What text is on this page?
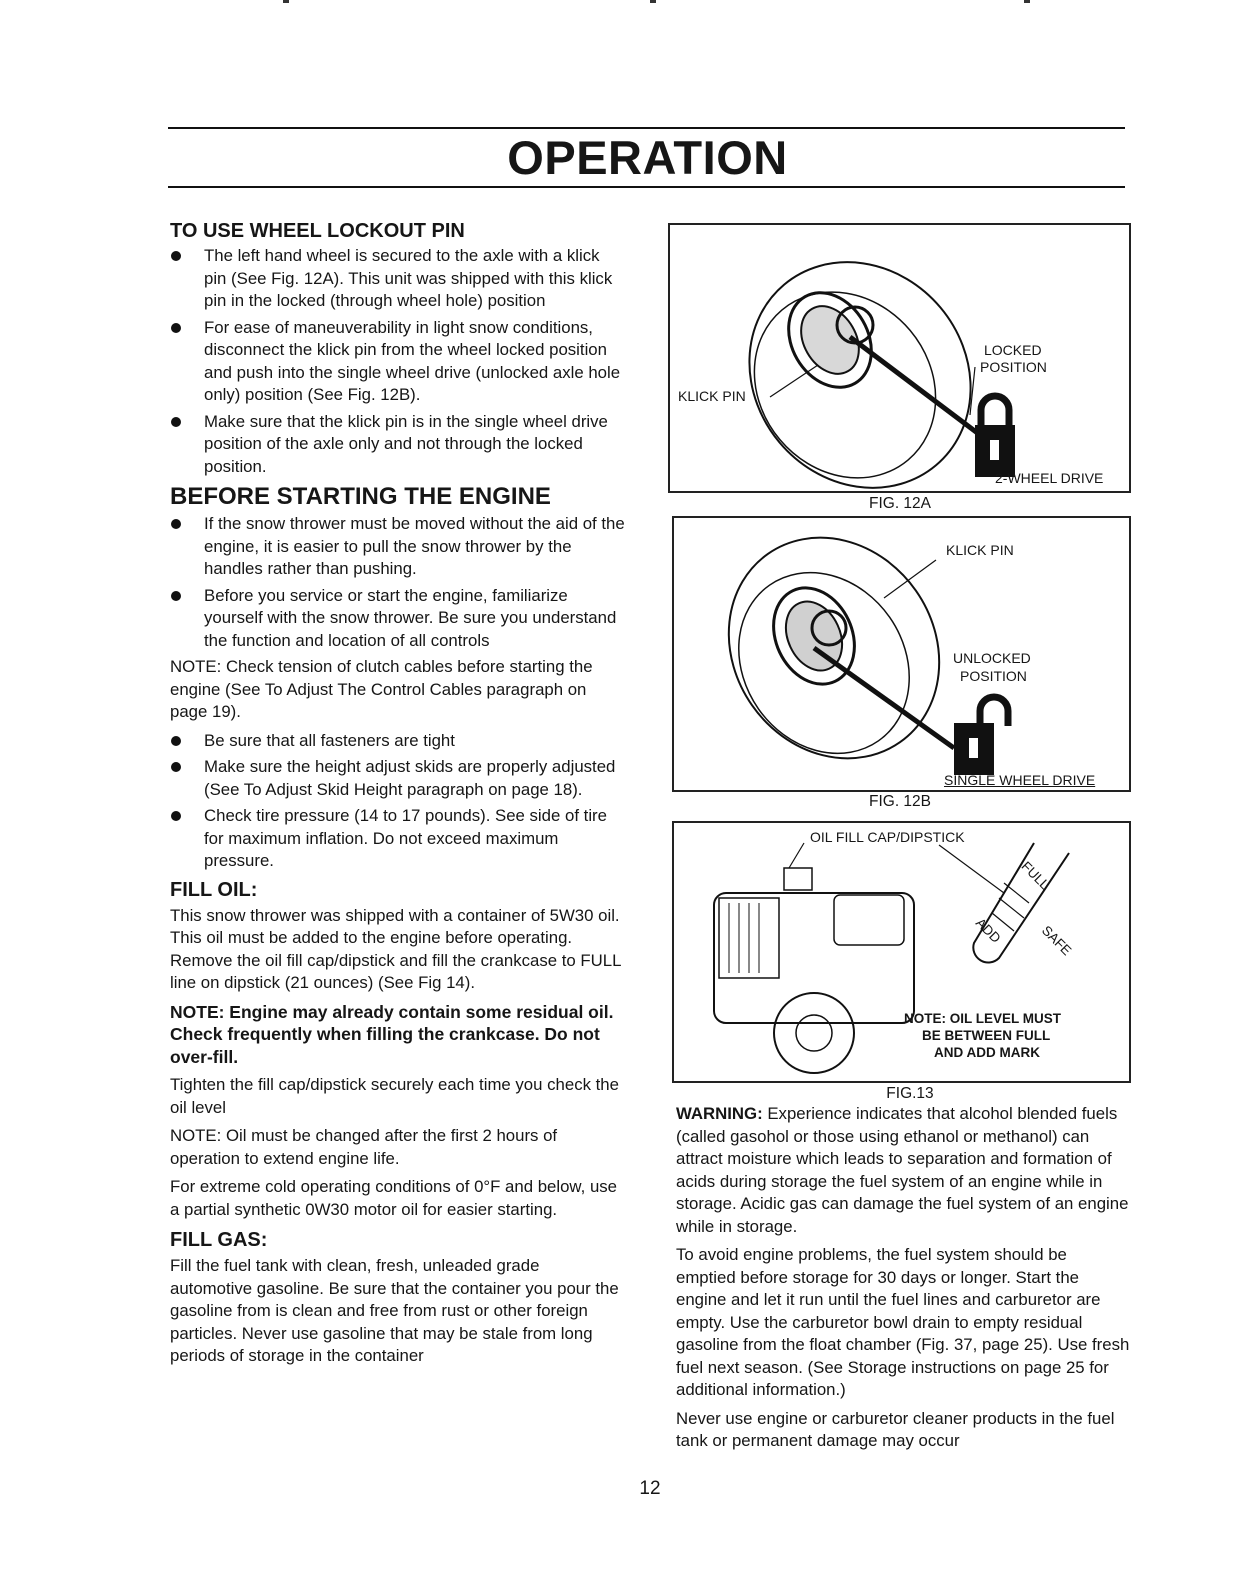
OPERATION
TO USE WHEEL LOCKOUT PIN
The left hand wheel is secured to the axle with a klick pin (See Fig. 12A). This unit was shipped with this klick pin in the locked (through wheel hole) position
For ease of maneuverability in light snow conditions, disconnect the klick pin from the wheel locked position and push into the single wheel drive (unlocked axle hole only) position (See Fig. 12B).
Make sure that the klick pin is in the single wheel drive position of the axle only and not through the locked position.
BEFORE STARTING THE ENGINE
If the snow thrower must be moved without the aid of the engine, it is easier to pull the snow thrower by the handles rather than pushing.
Before you service or start the engine, familiarize yourself with the snow thrower. Be sure you understand the function and location of all controls

NOTE: Check tension of clutch cables before starting the engine (See To Adjust The Control Cables paragraph on page 19).

Be sure that all fasteners are tight
Make sure the height adjust skids are properly adjusted (See To Adjust Skid Height paragraph on page 18).
Check tire pressure (14 to 17 pounds). See side of tire for maximum inflation. Do not exceed maximum pressure.
FILL OIL:

This snow thrower was shipped with a container of 5W30 oil. This oil must be added to the engine before operating. Remove the oil fill cap/dipstick and fill the crankcase to FULL line on dipstick (21 ounces) (See Fig 14).

NOTE: Engine may already contain some residual oil. Check frequently when filling the crankcase. Do not over-fill.

Tighten the fill cap/dipstick securely each time you check the oil level

NOTE: Oil must be changed after the first 2 hours of operation to extend engine life.

For extreme cold operating conditions of 0°F and below, use a partial synthetic 0W30 motor oil for easier starting.

FILL GAS:

Fill the fuel tank with clean, fresh, unleaded grade automotive gasoline. Be sure that the container you pour the gasoline from is clean and free from rust or other foreign particles. Never use gasoline that may be stale from long periods of storage in the container

KLICK PIN
LOCKED
POSITION
2-WHEEL DRIVE
FIG. 12A
KLICK PIN
UNLOCKED
POSITION
SINGLE WHEEL DRIVE
FIG. 12B
OIL FILL CAP/DIPSTICK
FULL
ADD	SAFE
NOTE: OIL LEVEL MUST
BE BETWEEN FULL
AND ADD MARK
FIG.13

WARNING: Experience indicates that alcohol blended fuels (called gasohol or those using ethanol or methanol) can attract moisture which leads to separation and formation of acids during storage the fuel system of an engine while in storage. Acidic gas can damage the fuel system of an engine while in storage.

To avoid engine problems, the fuel system should be emptied before storage for 30 days or longer. Start the engine and let it run until the fuel lines and carburetor are empty. Use the carburetor bowl drain to empty residual gasoline from the float chamber (Fig. 37, page 25). Use fresh fuel next season. (See Storage instructions on page 25 for additional information.)

Never use engine or carburetor cleaner products in the fuel tank or permanent damage may occur

12
